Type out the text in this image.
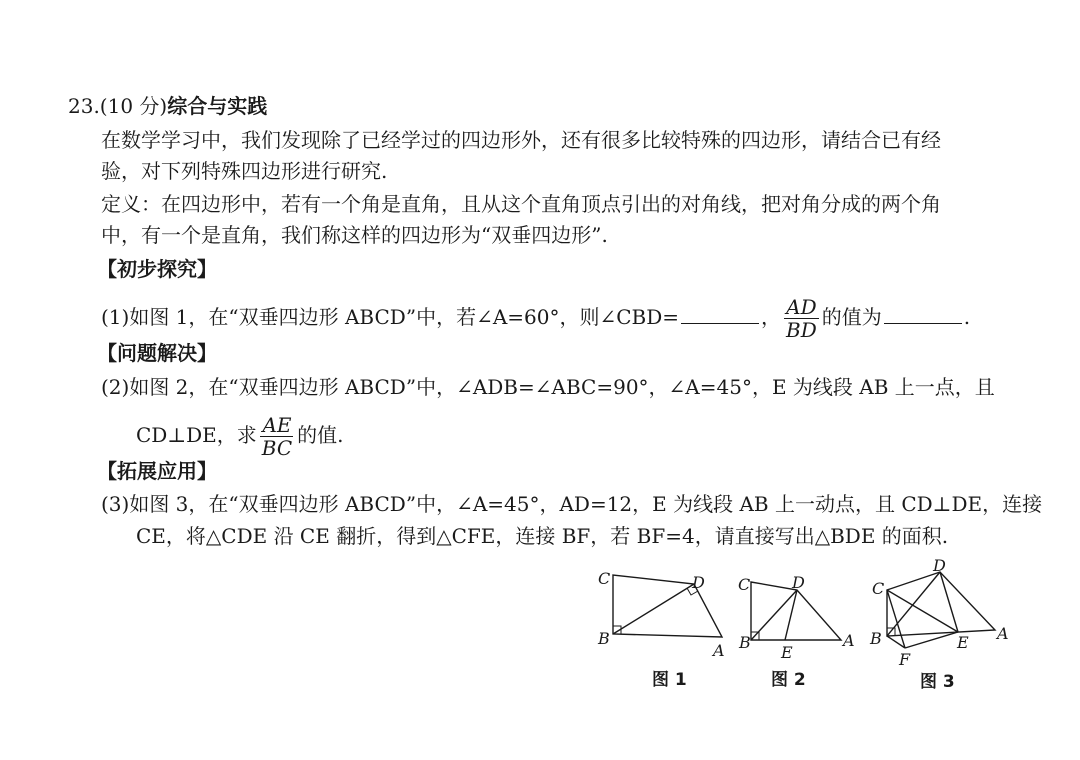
23.(10 分)综合与实践
在数学学习中，我们发现除了已经学过的四边形外，还有很多比较特殊的四边形，请结合已有经
验，对下列特殊四边形进行研究.
定义：在四边形中，若有一个角是直角，且从这个直角顶点引出的对角线，把对角分成的两个角
中，有一个是直角，我们称这样的四边形为“双垂四边形”.
【初步探究】
(1)如图 1，在“双垂四边形 ABCD”中，若∠A=60°，则∠CBD=	， $\frac{AD}{BD}$ 的值为	.
【问题解决】
(2)如图 2，在“双垂四边形 ABCD”中，∠ADB=∠ABC=90°，∠A=45°，E 为线段 AB 上一点，且
CD⊥DE，求 $\frac{AE}{BC}$ 的值.
【拓展应用】
(3)如图 3，在“双垂四边形 ABCD”中，∠A=45°，AD=12，E 为线段 AB 上一动点，且 CD⊥DE，连接
CE，将△CDE 沿 CE 翻折，得到△CFE，连接 BF，若 BF=4，请直接写出△BDE 的面积.
C	D
B
A
图 1
C	D
B
E
A
图 2
C
D
B	E A
F
图 3
